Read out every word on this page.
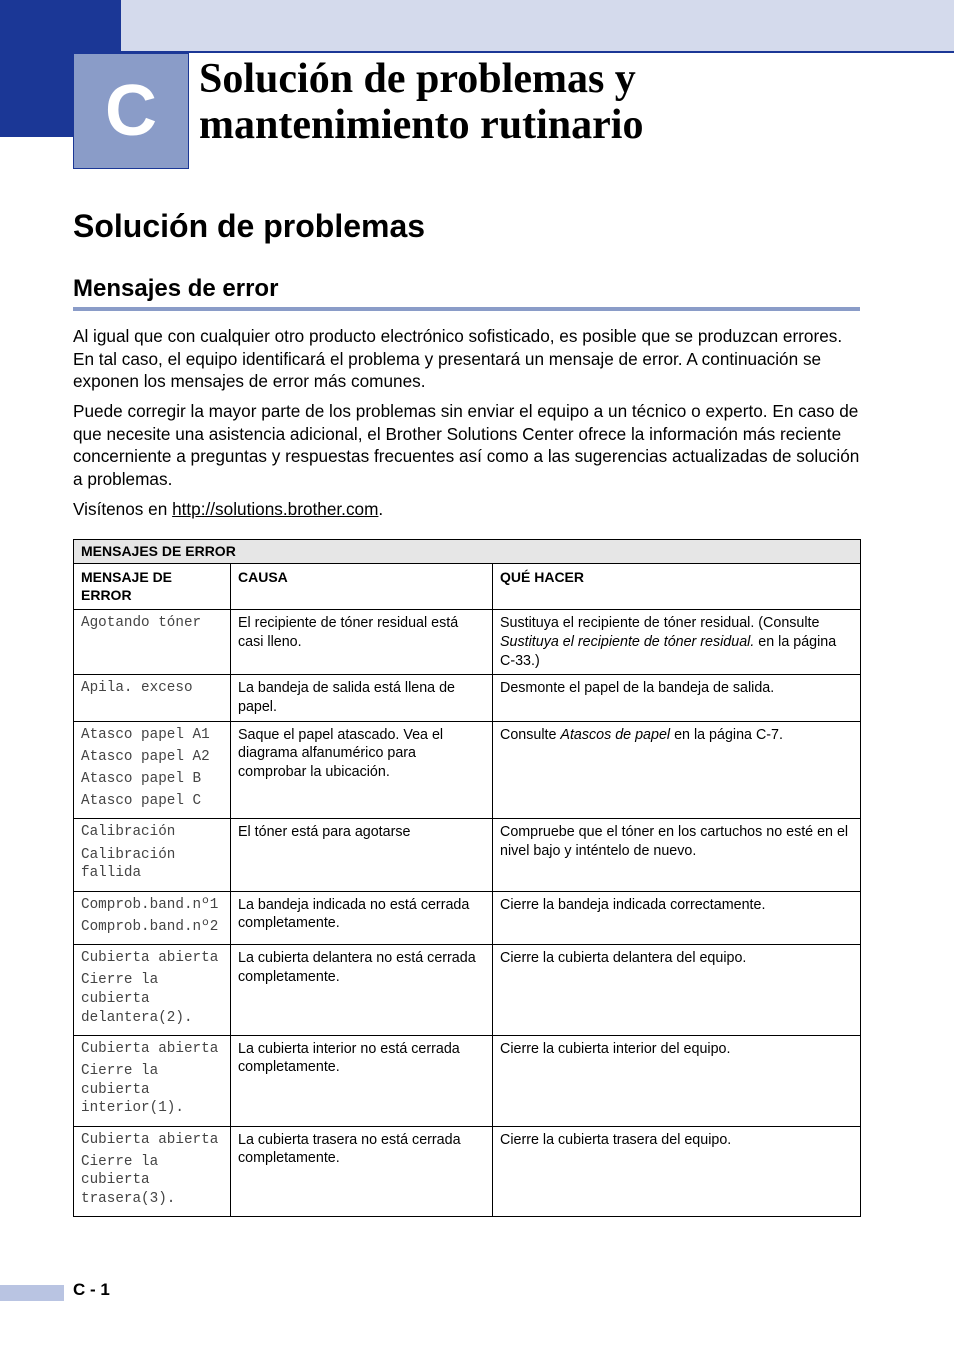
C	Solución de problemas y
mantenimiento rutinario
Solución de problemas
Mensajes de error

Al igual que con cualquier otro producto electrónico sofisticado, es posible que se produzcan errores. En tal caso, el equipo identificará el problema y presentará un mensaje de error. A continuación se exponen los mensajes de error más comunes.

Puede corregir la mayor parte de los problemas sin enviar el equipo a un técnico o experto. En caso de que necesite una asistencia adicional, el Brother Solutions Center ofrece la información más reciente concerniente a preguntas y respuestas frecuentes así como a las sugerencias actualizadas de solución a problemas.

Visítenos en http://solutions.brother.com.

MENSAJES DE ERROR		
MENSAJE DE ERROR	CAUSA	QUÉ HACER

Agotando tóner	El recipiente de tóner residual está casi lleno.	Sustituya el recipiente de tóner residual. (Consulte Sustituya el recipiente de tóner residual. en la página C-33.)

Apila. exceso	La bandeja de salida está llena de papel.	Desmonte el papel de la bandeja de salida.

Atasco papel A1
Atasco papel A2
Atasco papel B
Atasco papel C	Saque el papel atascado. Vea el diagrama alfanumérico para comprobar la ubicación.	Consulte Atascos de papel en la página C-7.

Calibración
Calibración fallida	El tóner está para agotarse	Compruebe que el tóner en los cartuchos no esté en el nivel bajo y inténtelo de nuevo.

Comprob.band.nº1
Comprob.band.nº2	La bandeja indicada no está cerrada completamente.	Cierre la bandeja indicada correctamente.

Cubierta abierta
Cierre la cubierta delantera(2).	La cubierta delantera no está cerrada completamente.	Cierre la cubierta delantera del equipo.

Cubierta abierta
Cierre la cubierta interior(1).	La cubierta interior no está cerrada completamente.	Cierre la cubierta interior del equipo.

Cubierta abierta
Cierre la cubierta trasera(3).	La cubierta trasera no está cerrada completamente.	Cierre la cubierta trasera del equipo.
C - 1
